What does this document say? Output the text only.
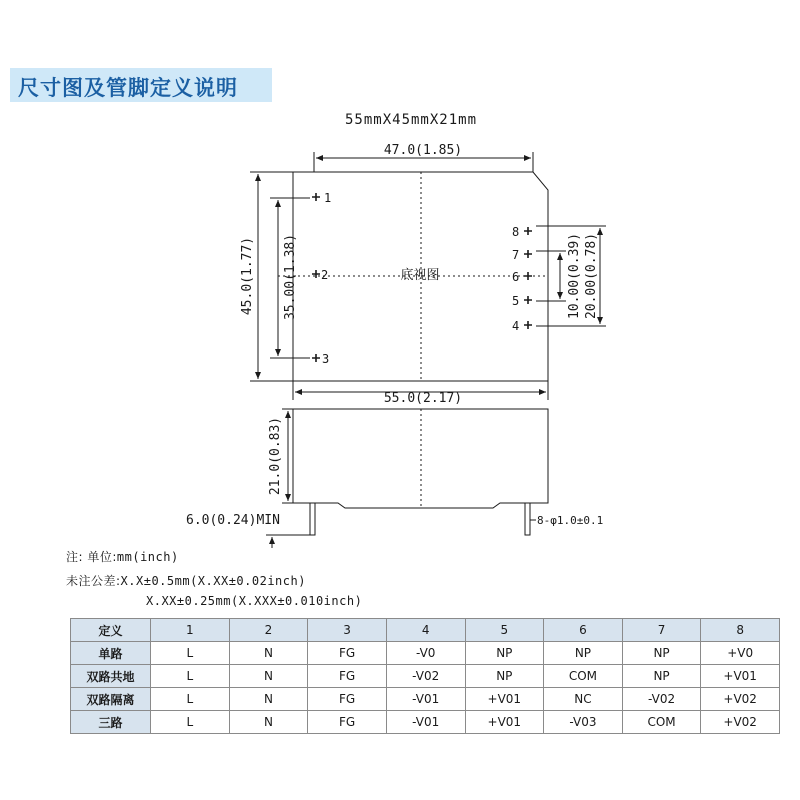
尺寸图及管脚定义说明
55mmX45mmX21mm
底视图
47.0(1.85)
55.0(2.17)
45.0(1.77) 35.00(1.38)
1
2
3
8
7
6
5
4
10.00(0.39) 20.00(0.78)
21.0(0.83)
6.0(0.24)MIN	8-φ1.0±0.1
注: 单位:mm(inch)
未注公差:X.X±0.5mm(X.XX±0.02inch)
X.XX±0.25mm(X.XXX±0.010inch)
定义	1	2	3	4	5	6	7	8
单路	L	N	FG	-V0	NP	NP	NP	+V0
双路共地	L	N	FG	-V02	NP	COM	NP	+V01
双路隔离	L	N	FG	-V01	+V01	NC	-V02	+V02
三路	L	N	FG	-V01	+V01	-V03	COM	+V02
